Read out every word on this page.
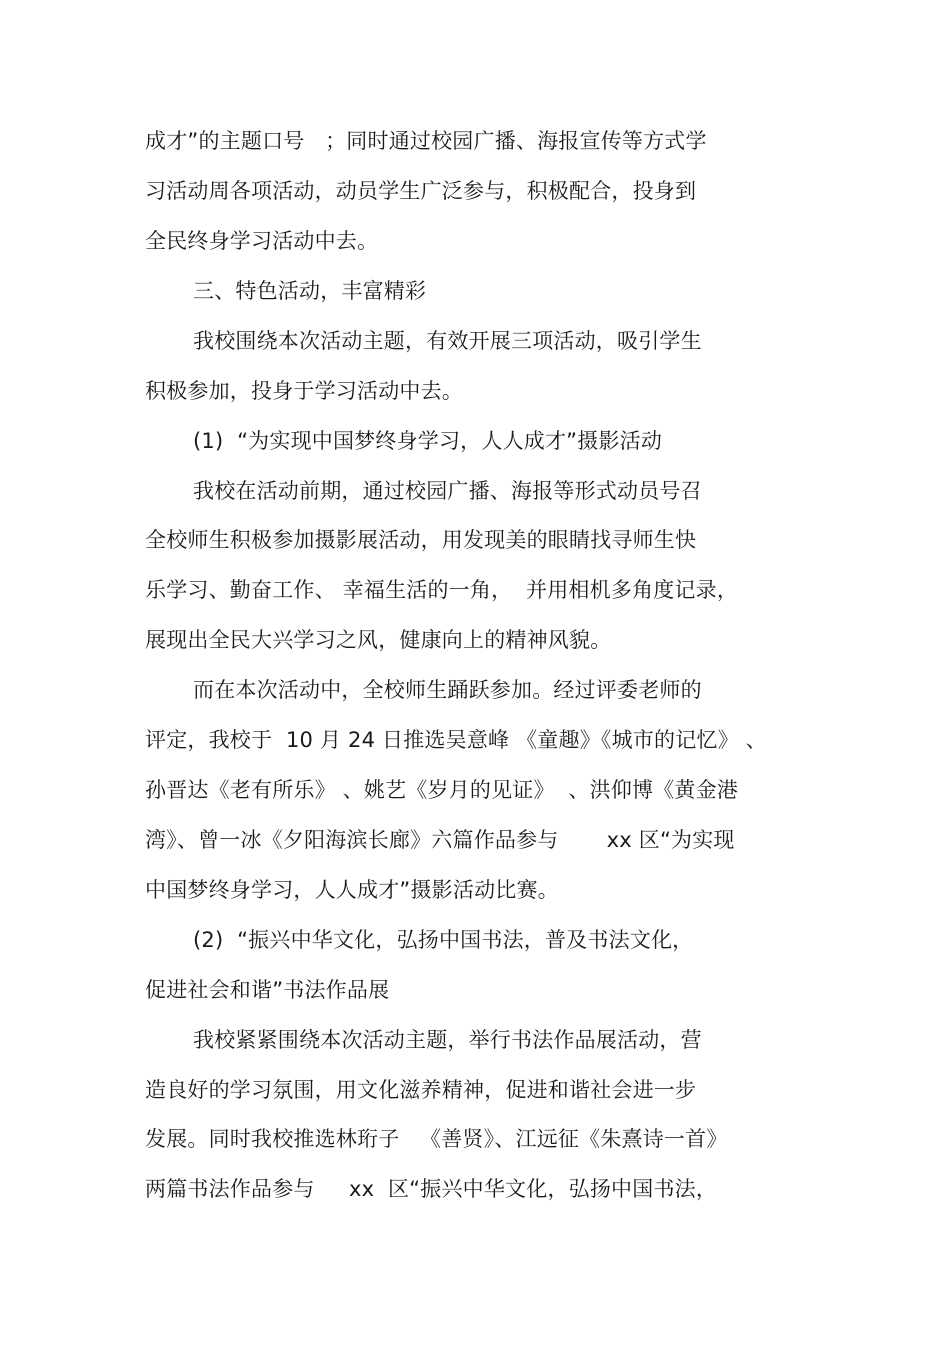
成才”的主题口号   ；同时通过校园广播、海报宣传等方式学
习活动周各项活动，动员学生广泛参与，积极配合，投身到
全民终身学习活动中去。
三、特色活动，丰富精彩
我校围绕本次活动主题，有效开展三项活动，吸引学生
积极参加，投身于学习活动中去。
(1)  “为实现中国梦终身学习，人人成才”摄影活动
我校在活动前期，通过校园广播、海报等形式动员号召
全校师生积极参加摄影展活动，用发现美的眼睛找寻师生快
乐学习、勤奋工作、 幸福生活的一角，  并用相机多角度记录，
展现出全民大兴学习之风，健康向上的精神风貌。
而在本次活动中，全校师生踊跃参加。经过评委老师的
评定，我校于  10 月 24 日推选吴意峰 《童趣》《城市的记忆》 、
孙晋达《老有所乐》 、姚艺《岁月的见证》  、洪仰博《黄金港
湾》、曾一冰《夕阳海滨长廊》六篇作品参与       xx 区“为实现
中国梦终身学习，人人成才”摄影活动比赛。
(2)  “振兴中华文化，弘扬中国书法，普及书法文化，
促进社会和谐”书法作品展
我校紧紧围绕本次活动主题，举行书法作品展活动，营
造良好的学习氛围，用文化滋养精神，促进和谐社会进一步
发展。同时我校推选林珩子   《善贤》、江远征《朱熹诗一首》
两篇书法作品参与     xx  区“振兴中华文化，弘扬中国书法，
